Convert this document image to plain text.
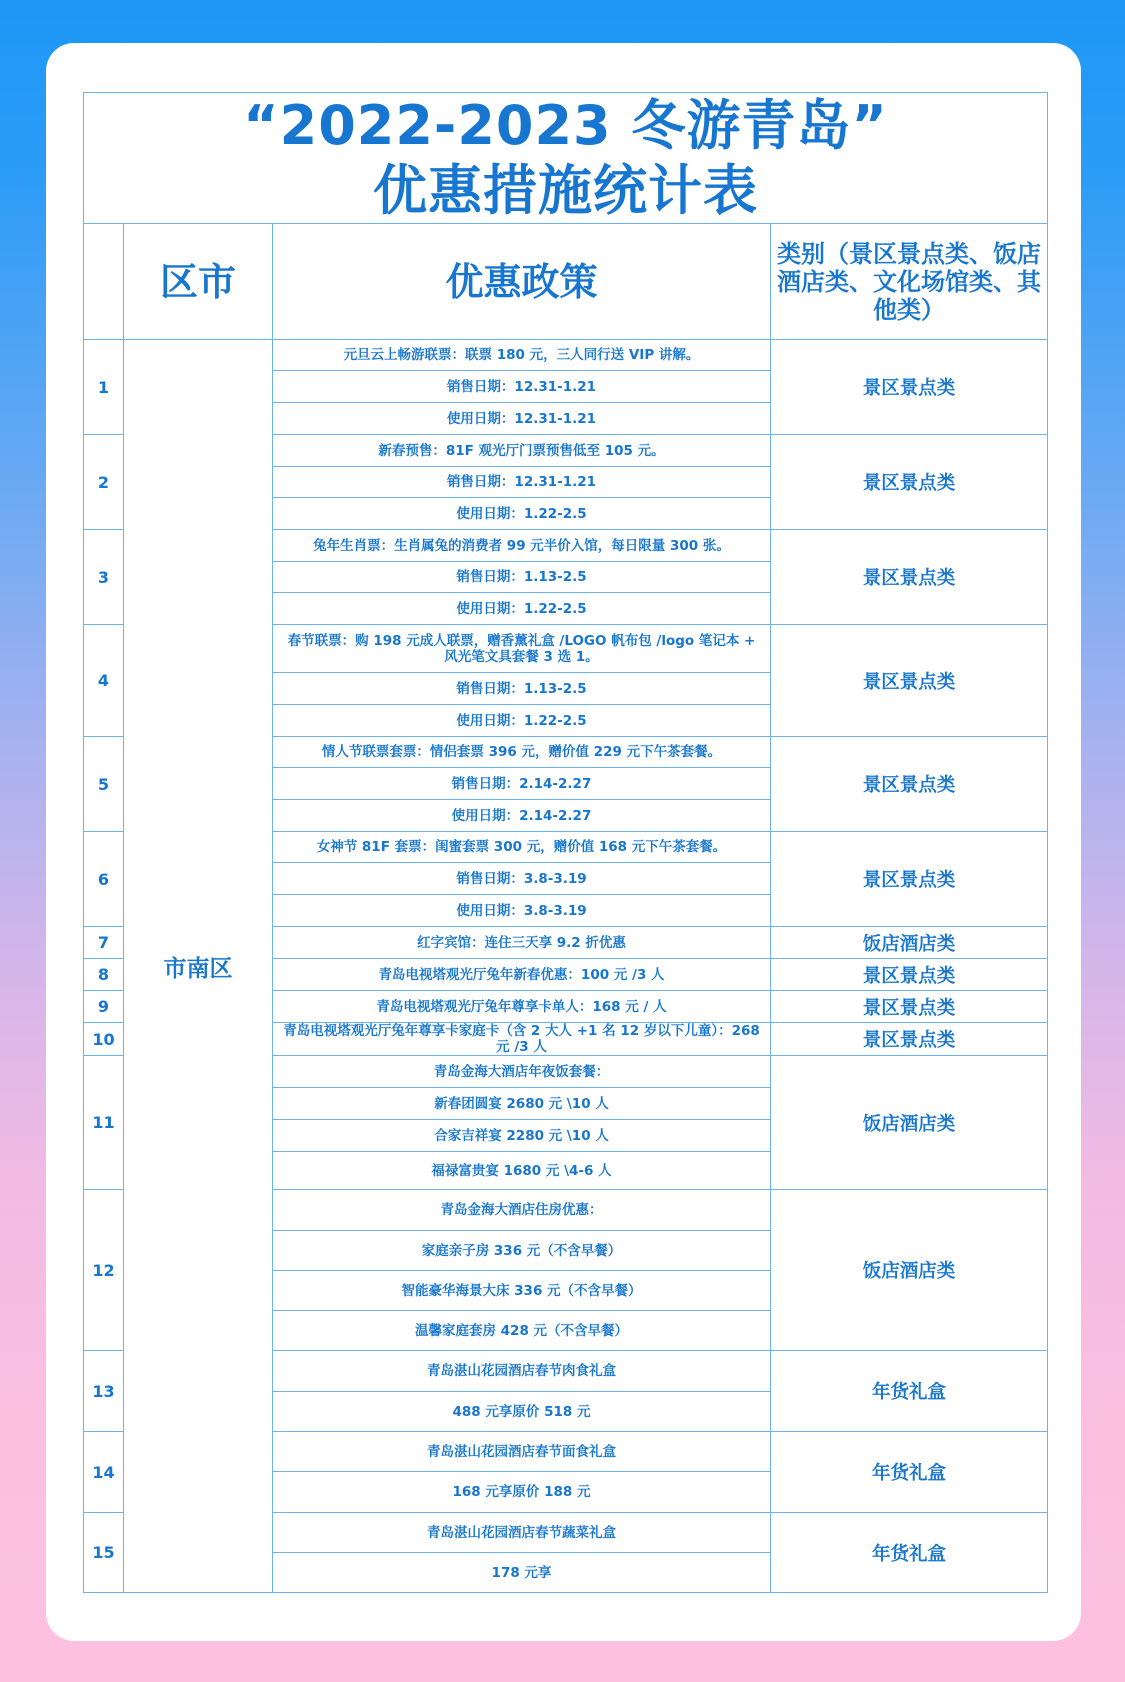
“2022-2023 冬游青岛”
优惠措施统计表			

	区市	优惠政策	类别（景区景点类、饭店酒店类、文化场馆类、其他类）
1	市南区	元旦云上畅游联票：联票 180 元，三人同行送 VIP 讲解。	景区景点类
		销售日期：12.31-1.21	
		使用日期：12.31-1.21	
2		新春预售：81F 观光厅门票预售低至 105 元。	景区景点类
		销售日期：12.31-1.21	
		使用日期：1.22-2.5	
3		兔年生肖票：生肖属兔的消费者 99 元半价入馆，每日限量 300 张。	景区景点类
		销售日期：1.13-2.5	
		使用日期：1.22-2.5	
4		春节联票：购 198 元成人联票，赠香薰礼盒 /LOGO 帆布包 /logo 笔记本 + 风光笔文具套餐 3 选 1。	景区景点类
		销售日期：1.13-2.5	
		使用日期：1.22-2.5	
5		情人节联票套票：情侣套票 396 元，赠价值 229 元下午茶套餐。	景区景点类
		销售日期：2.14-2.27	
		使用日期：2.14-2.27	
6		女神节 81F 套票：闺蜜套票 300 元，赠价值 168 元下午茶套餐。	景区景点类
		销售日期：3.8-3.19	
		使用日期：3.8-3.19	
7		红字宾馆：连住三天享 9.2 折优惠	饭店酒店类
8		青岛电视塔观光厅兔年新春优惠：100 元 /3 人	景区景点类
9		青岛电视塔观光厅兔年尊享卡单人：168 元 / 人	景区景点类
10		青岛电视塔观光厅兔年尊享卡家庭卡（含 2 大人 +1 名 12 岁以下儿童）：268 元 /3 人	景区景点类
11		青岛金海大酒店年夜饭套餐：	饭店酒店类
		新春团圆宴 2680 元 \10 人	
		合家吉祥宴 2280 元 \10 人	
		福禄富贵宴 1680 元 \4-6 人	
12		青岛金海大酒店住房优惠：	饭店酒店类
		家庭亲子房 336 元（不含早餐）	
		智能豪华海景大床 336 元（不含早餐）	
		温馨家庭套房 428 元（不含早餐）	
13		青岛湛山花园酒店春节肉食礼盒	年货礼盒
		488 元享原价 518 元	
14		青岛湛山花园酒店春节面食礼盒	年货礼盒
		168 元享原价 188 元	
15		青岛湛山花园酒店春节蔬菜礼盒	年货礼盒
		178 元享	
